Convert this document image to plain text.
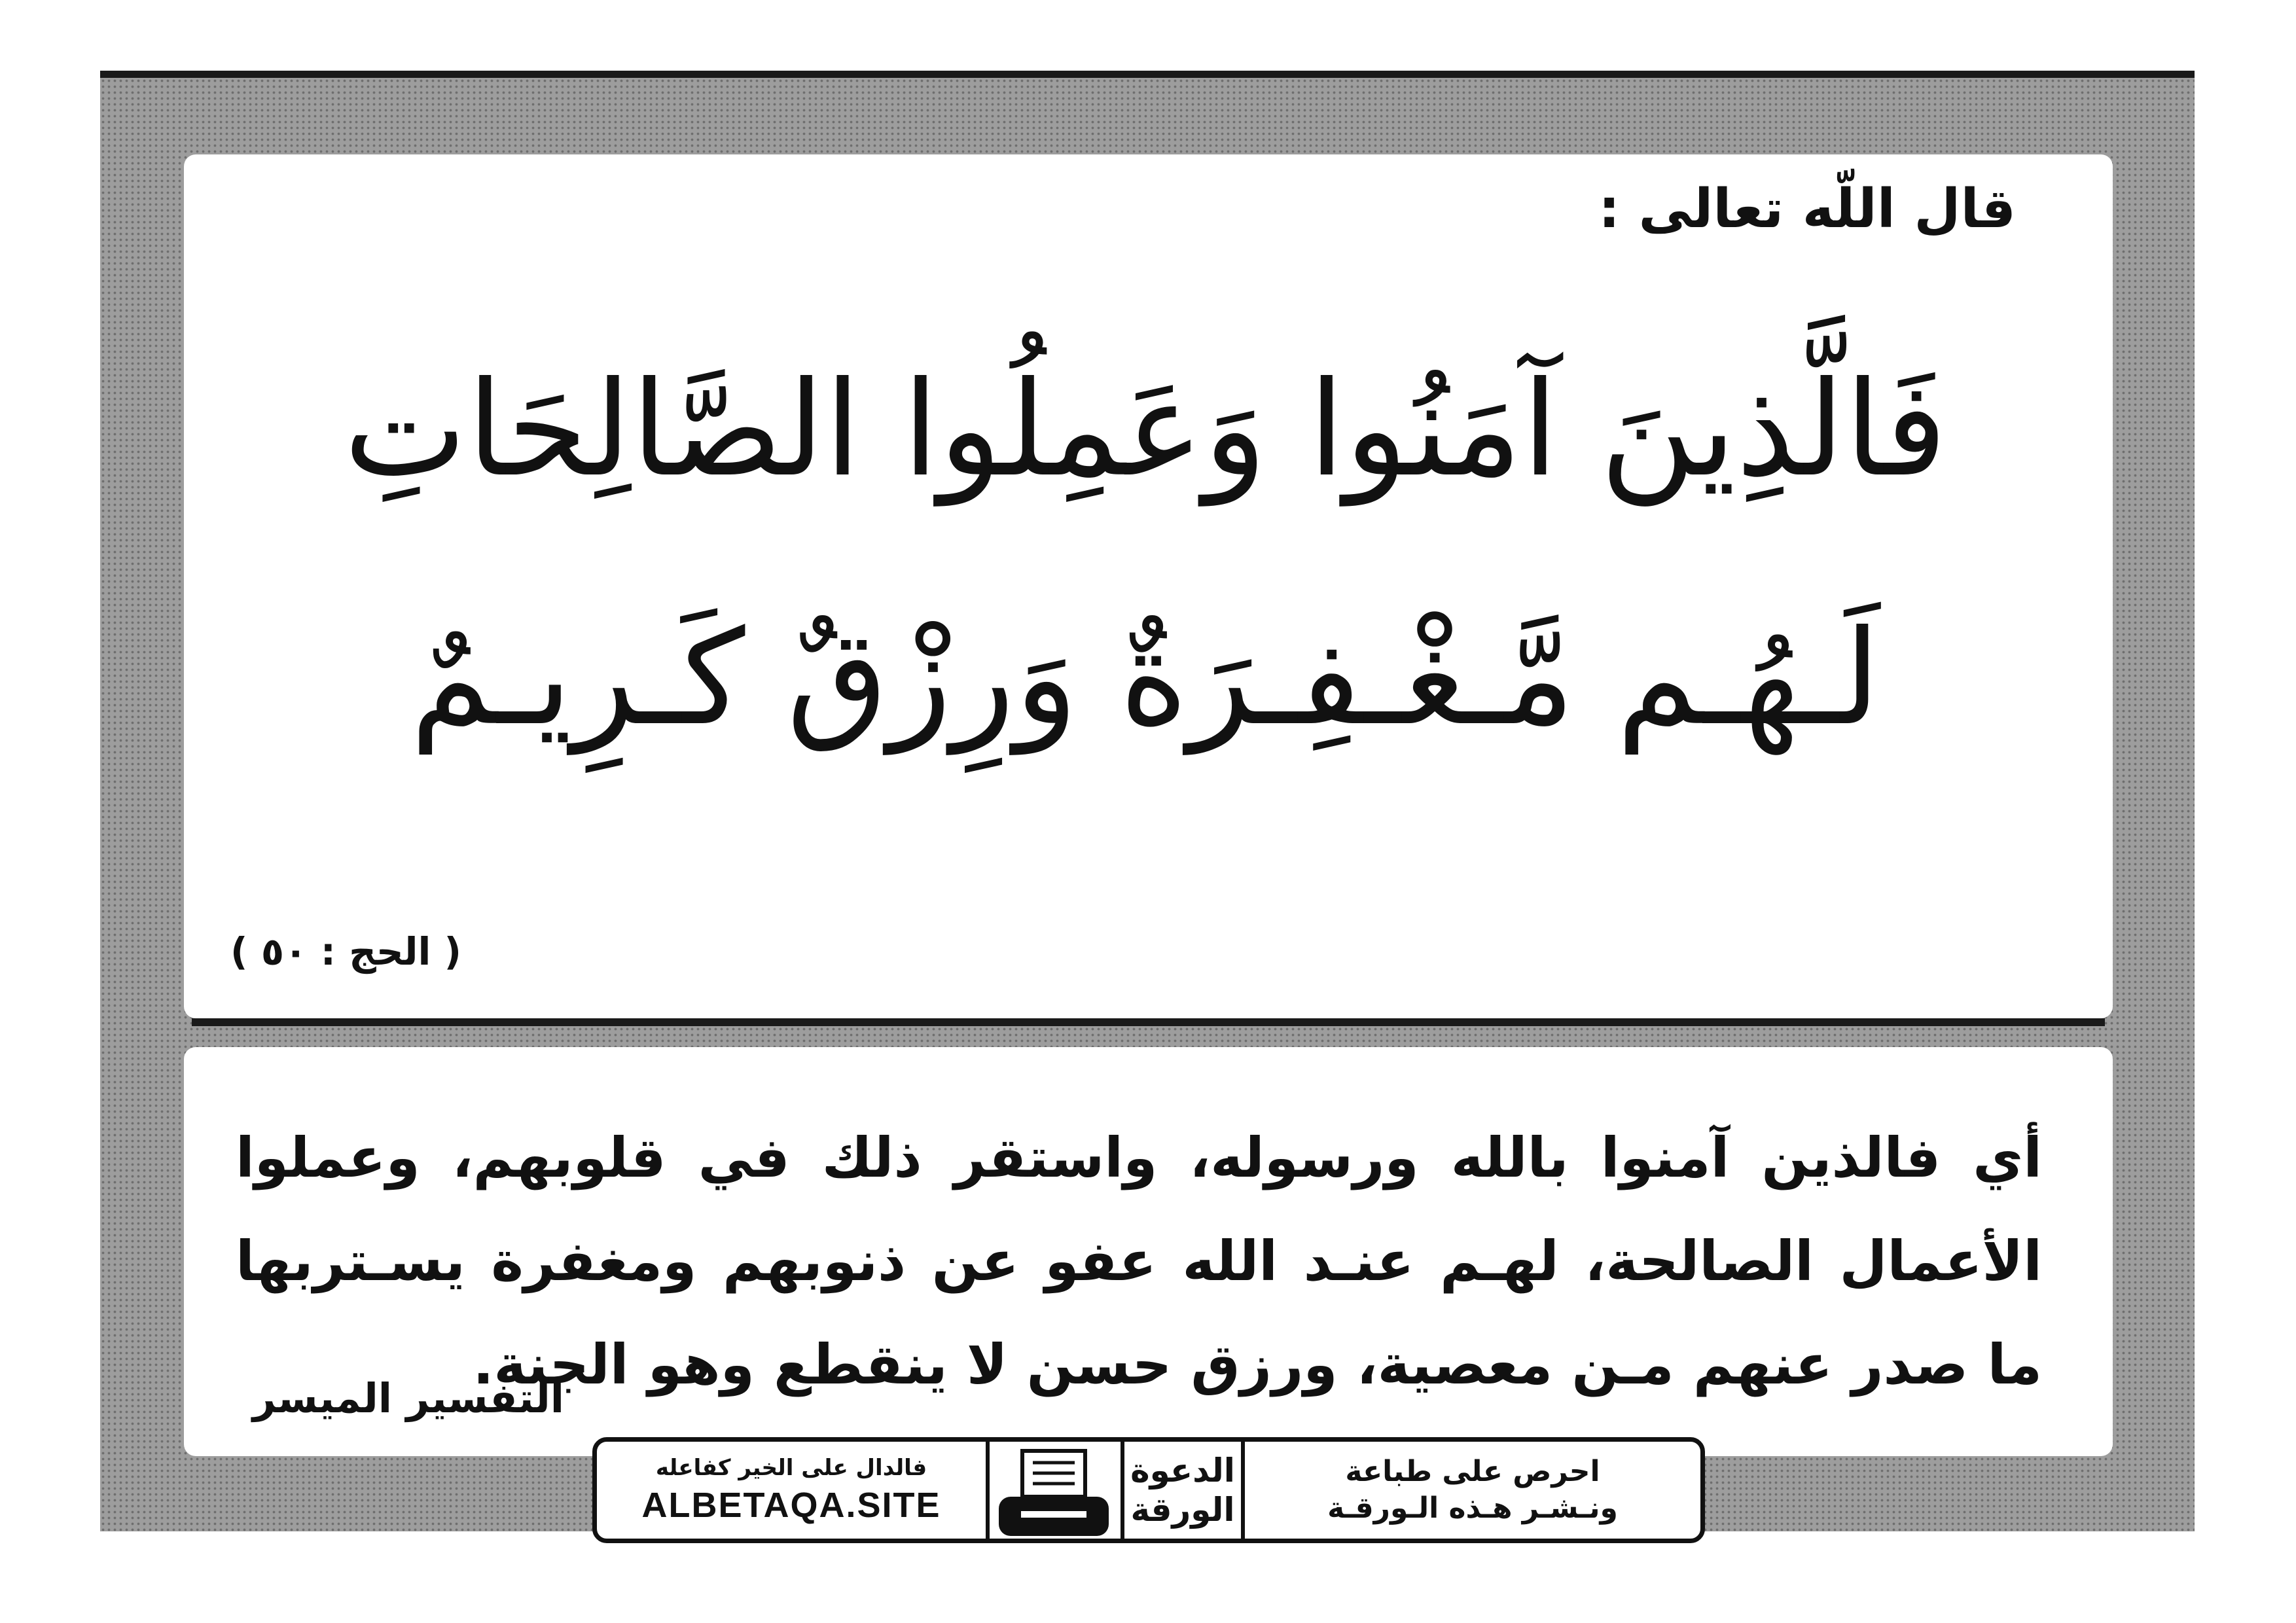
قال اللّه تعالى :
فَالَّذِينَ آمَنُوا وَعَمِلُوا الصَّالِحَاتِ
لَـهُـم مَّـغْـفِـرَةٌ وَرِزْقٌ كَـرِيـمٌ
( الحج : ٥٠ )
أي فالذين آمنوا بالله ورسوله، واستقر ذلك في قلوبهم، وعملوا الأعمال الصالحة، لهـم عنـد الله عفو عن ذنوبهم ومغفرة يسـتربها ما صدر عنهم مـن معصية، ورزق حسن لا ينقطع وهو الجنة.
التفسير الميسر
فالدال على الخير كفاعله
ALBETAQA.SITE
الدعوة
الورقة
احرص على طباعة
ونـشـر هـذه الـورقـة
